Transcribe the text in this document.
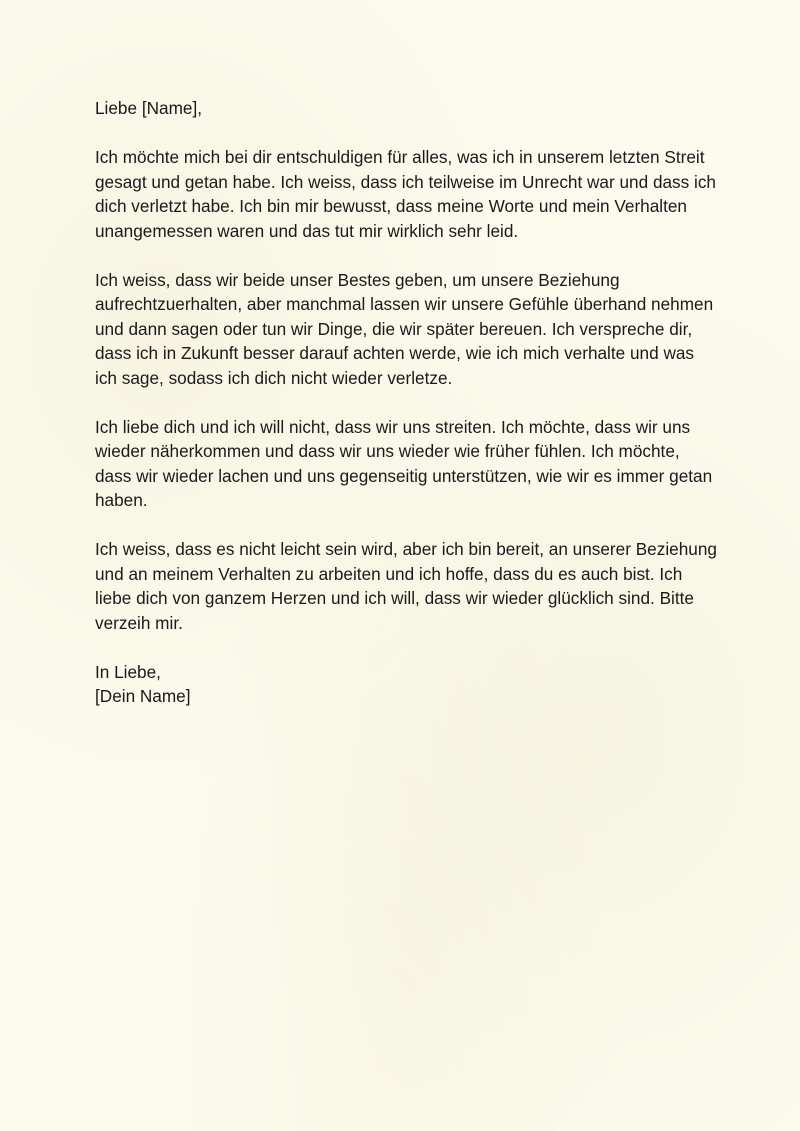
Liebe [Name],

Ich möchte mich bei dir entschuldigen für alles, was ich in unserem letzten Streit gesagt und getan habe. Ich weiss, dass ich teilweise im Unrecht war und dass ich dich verletzt habe. Ich bin mir bewusst, dass meine Worte und mein Verhalten unangemessen waren und das tut mir wirklich sehr leid.

Ich weiss, dass wir beide unser Bestes geben, um unsere Beziehung aufrechtzuerhalten, aber manchmal lassen wir unsere Gefühle überhand nehmen und dann sagen oder tun wir Dinge, die wir später bereuen. Ich verspreche dir, dass ich in Zukunft besser darauf achten werde, wie ich mich verhalte und was ich sage, sodass ich dich nicht wieder verletze.

Ich liebe dich und ich will nicht, dass wir uns streiten. Ich möchte, dass wir uns wieder näherkommen und dass wir uns wieder wie früher fühlen. Ich möchte, dass wir wieder lachen und uns gegenseitig unterstützen, wie wir es immer getan haben.

Ich weiss, dass es nicht leicht sein wird, aber ich bin bereit, an unserer Beziehung und an meinem Verhalten zu arbeiten und ich hoffe, dass du es auch bist. Ich liebe dich von ganzem Herzen und ich will, dass wir wieder glücklich sind. Bitte verzeih mir.

In Liebe,
[Dein Name]
